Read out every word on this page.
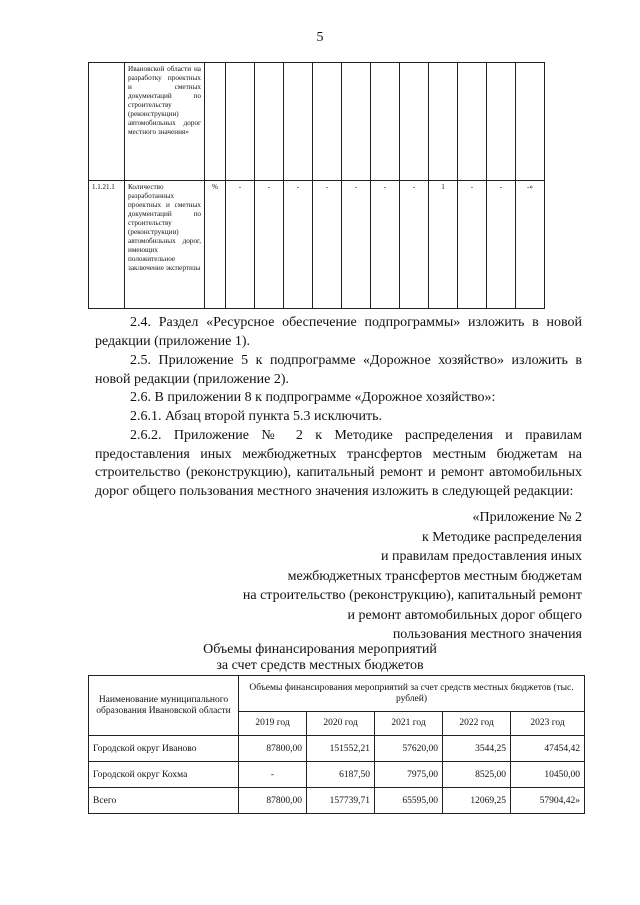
5
	Ивановской области на разработку проектных и сметных документаций по строительству (реконструкции) автомобильных дорог местного значения»												
1.1.21.1	Количество разработанных проектных и сметных документаций по строительству (реконструкции) автомобильных дорог, имеющих положительное заключение экспертизы	%	-	-	-	-	-	-	-	1	-	-	-»
2.4. Раздел «Ресурсное обеспечение подпрограммы» изложить в новой редакции (приложение 1).
2.5. Приложение 5 к подпрограмме «Дорожное хозяйство» изложить в новой редакции (приложение 2).
2.6. В приложении 8 к подпрограмме «Дорожное хозяйство»:
2.6.1. Абзац второй пункта 5.3 исключить.
2.6.2. Приложение № 2 к Методике распределения и правилам предоставления иных межбюджетных трансфертов местным бюджетам на строительство (реконструкцию), капитальный ремонт и ремонт автомобильных дорог общего пользования местного значения изложить в следующей редакции:
«Приложение № 2
к Методике распределения
и правилам предоставления иных
межбюджетных трансфертов местным бюджетам
на строительство (реконструкцию), капитальный ремонт
и ремонт автомобильных дорог общего
пользования местного значения
Объемы финансирования мероприятий
за счет средств местных бюджетов
Наименование муниципального образования Ивановской области	Объемы финансирования мероприятий за счет средств местных бюджетов (тыс. рублей)				
	2019 год	2020 год	2021 год	2022 год	2023 год
Городской округ Иваново	87800,00	151552,21	57620,00	3544,25	47454,42
Городской округ Кохма	-	6187,50	7975,00	8525,00	10450,00
Всего	87800,00	157739,71	65595,00	12069,25	57904,42»
